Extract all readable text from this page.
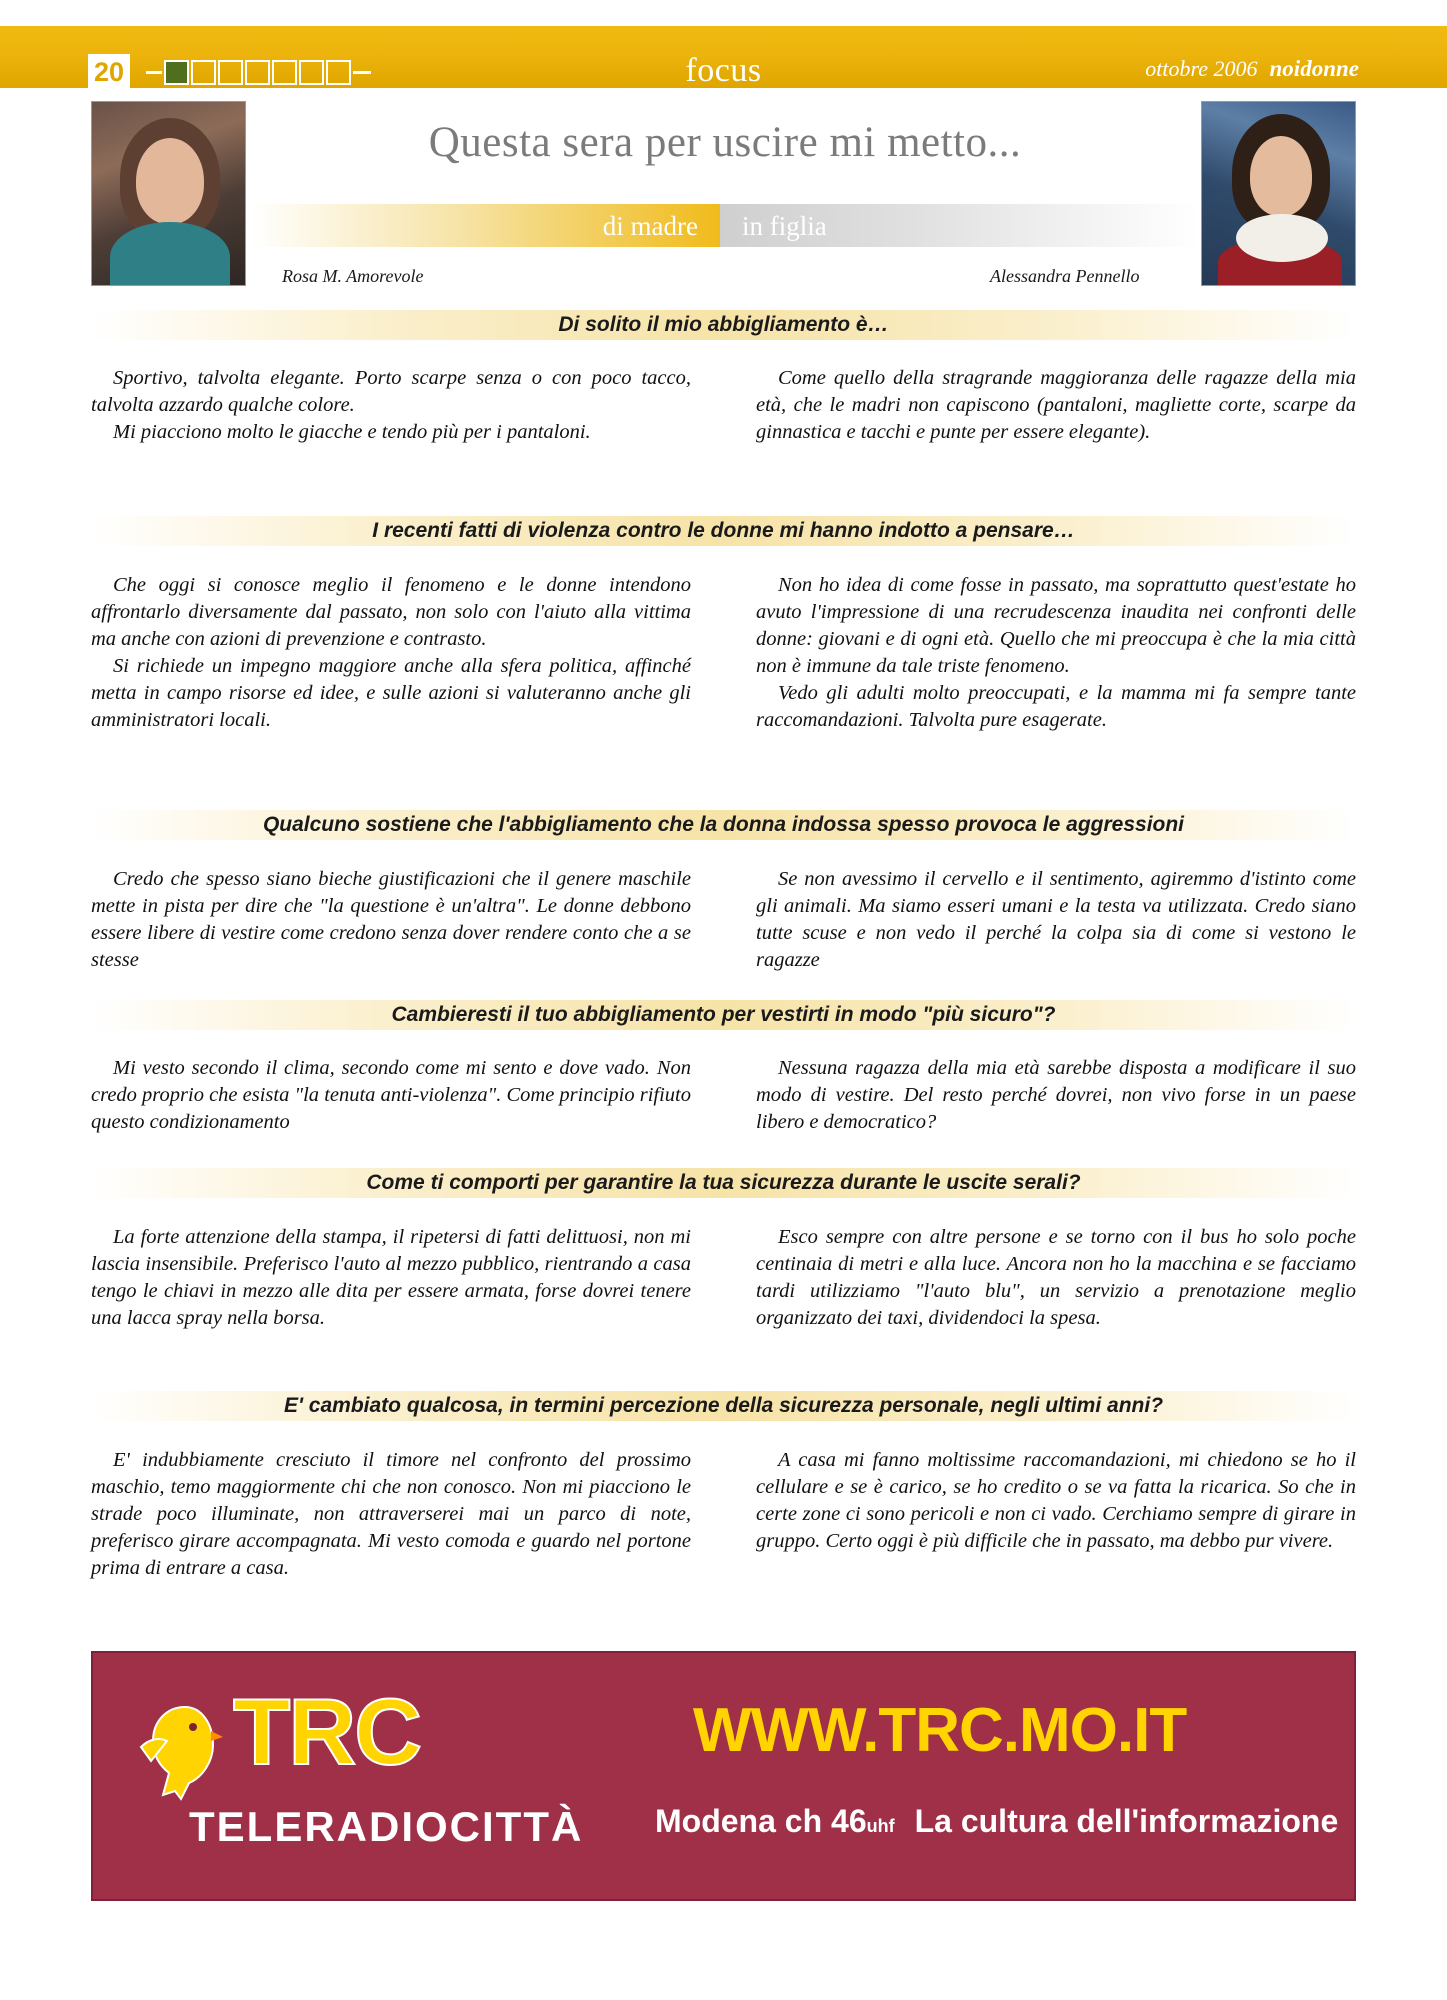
20	focus	ottobre 2006 noidonne
Questa sera per uscire mi metto...
di madre in figlia
Rosa M. Amorevole	Alessandra Pennello
Di solito il mio abbigliamento è…

Sportivo, talvolta elegante. Porto scarpe senza o con poco tacco, talvolta azzardo qualche colore.

Mi piacciono molto le giacche e tendo più per i pantaloni.

Come quello della stragrande maggioranza delle ragazze della mia età, che le madri non capiscono (pantaloni, magliette corte, scarpe da ginnastica e tacchi e punte per essere elegante).

I recenti fatti di violenza contro le donne mi hanno indotto a pensare…

Che oggi si conosce meglio il fenomeno e le donne intendono affrontarlo diversamente dal passato, non solo con l'aiuto alla vittima ma anche con azioni di prevenzione e contrasto.

Si richiede un impegno maggiore anche alla sfera politica, affinché metta in campo risorse ed idee, e sulle azioni si valuteranno anche gli amministratori locali.

Non ho idea di come fosse in passato, ma soprattutto quest'estate ho avuto l'impressione di una recrudescenza inaudita nei confronti delle donne: giovani e di ogni età. Quello che mi preoccupa è che la mia città non è immune da tale triste fenomeno.

Vedo gli adulti molto preoccupati, e la mamma mi fa sempre tante raccomandazioni. Talvolta pure esagerate.

Qualcuno sostiene che l'abbigliamento che la donna indossa spesso provoca le aggressioni

Credo che spesso siano bieche giustificazioni che il genere maschile mette in pista per dire che "la questione è un'altra". Le donne debbono essere libere di vestire come credono senza dover rendere conto che a se stesse

Se non avessimo il cervello e il sentimento, agiremmo d'istinto come gli animali. Ma siamo esseri umani e la testa va utilizzata. Credo siano tutte scuse e non vedo il perché la colpa sia di come si vestono le ragazze

Cambieresti il tuo abbigliamento per vestirti in modo "più sicuro"?

Mi vesto secondo il clima, secondo come mi sento e dove vado. Non credo proprio che esista "la tenuta anti-violenza". Come principio rifiuto questo condizionamento

Nessuna ragazza della mia età sarebbe disposta a modificare il suo modo di vestire. Del resto perché dovrei, non vivo forse in un paese libero e democratico?

Come ti comporti per garantire la tua sicurezza durante le uscite serali?

La forte attenzione della stampa, il ripetersi di fatti delittuosi, non mi lascia insensibile. Preferisco l'auto al mezzo pubblico, rientrando a casa tengo le chiavi in mezzo alle dita per essere armata, forse dovrei tenere una lacca spray nella borsa.

Esco sempre con altre persone e se torno con il bus ho solo poche centinaia di metri e alla luce. Ancora non ho la macchina e se facciamo tardi utilizziamo "l'auto blu", un servizio a prenotazione meglio organizzato dei taxi, dividendoci la spesa.

E' cambiato qualcosa, in termini percezione della sicurezza personale, negli ultimi anni?

E' indubbiamente cresciuto il timore nel confronto del prossimo maschio, temo maggiormente chi che non conosco. Non mi piacciono le strade poco illuminate, non attraverserei mai un parco di note, preferisco girare accompagnata. Mi vesto comoda e guardo nel portone prima di entrare a casa.

A casa mi fanno moltissime raccomandazioni, mi chiedono se ho il cellulare e se è carico, se ho credito o se va fatta la ricarica. So che in certe zone ci sono pericoli e non ci vado. Cerchiamo sempre di girare in gruppo. Certo oggi è più difficile che in passato, ma debbo pur vivere.

TRC
TELERADIOCITTÀ
WWW.TRC.MO.IT
Modena ch 46uhf La cultura dell'informazione
